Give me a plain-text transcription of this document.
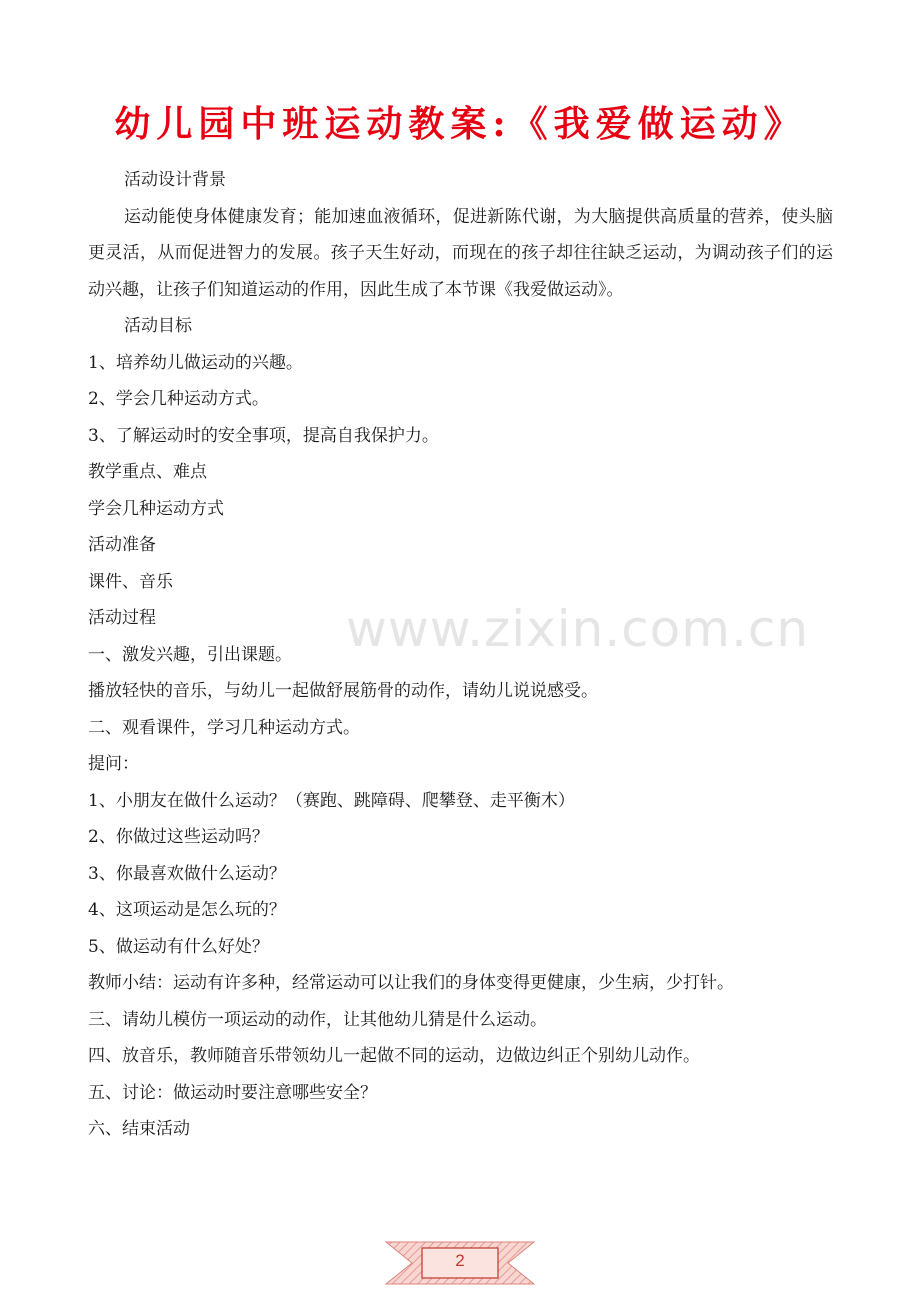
幼儿园中班运动教案:《我爱做运动》
活动设计背景
运动能使身体健康发育；能加速血液循环，促进新陈代谢，为大脑提供高质量的营养，使头脑更灵活，从而促进智力的发展。孩子天生好动，而现在的孩子却往往缺乏运动，为调动孩子们的运动兴趣，让孩子们知道运动的作用，因此生成了本节课《我爱做运动》。
活动目标
1、培养幼儿做运动的兴趣。
2、学会几种运动方式。
3、了解运动时的安全事项，提高自我保护力。
教学重点、难点
学会几种运动方式
活动准备
课件、音乐
活动过程
一、激发兴趣，引出课题。
播放轻快的音乐，与幼儿一起做舒展筋骨的动作，请幼儿说说感受。
二、观看课件，学习几种运动方式。
提问：
1、小朋友在做什么运动？（赛跑、跳障碍、爬攀登、走平衡木）
2、你做过这些运动吗？
3、你最喜欢做什么运动？
4、这项运动是怎么玩的？
5、做运动有什么好处？
教师小结：运动有许多种，经常运动可以让我们的身体变得更健康，少生病，少打针。
三、请幼儿模仿一项运动的动作，让其他幼儿猜是什么运动。
四、放音乐，教师随音乐带领幼儿一起做不同的运动，边做边纠正个别幼儿动作。
五、讨论：做运动时要注意哪些安全？
六、结束活动
www.zixin.com.cn
2
